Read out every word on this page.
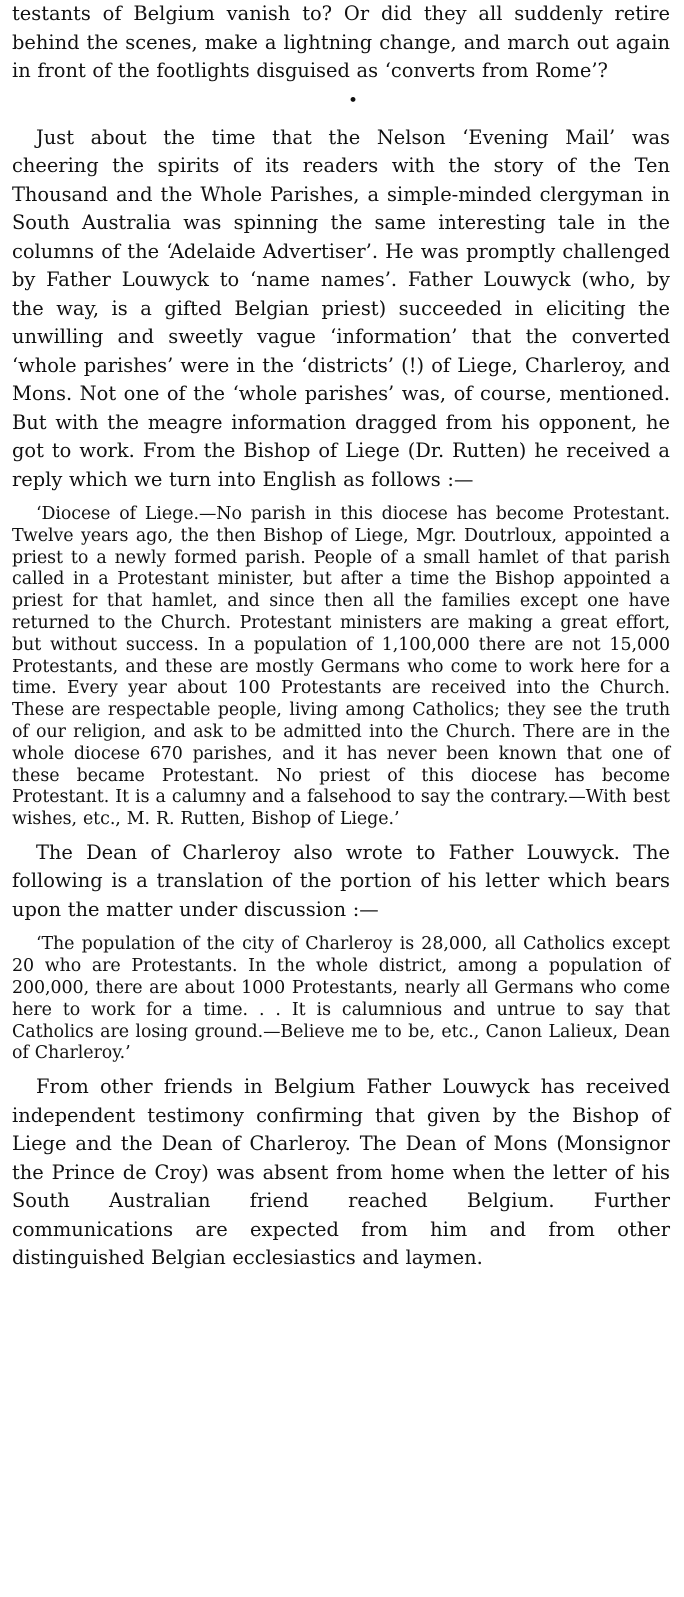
testants of Belgium vanish to? Or did they all suddenly retire behind the scenes, make a lightning change, and march out again in front of the footlights disguised as ‘converts from Rome’?

•

Just about the time that the Nelson ‘Evening Mail’ was cheering the spirits of its readers with the story of the Ten Thousand and the Whole Parishes, a simple-minded clergyman in South Australia was spinning the same interesting tale in the columns of the ‘Adelaide Advertiser’. He was promptly challenged by Father Louwyck to ‘name names’. Father Louwyck (who, by the way, is a gifted Belgian priest) succeeded in eliciting the unwilling and sweetly vague ‘information’ that the converted ‘whole parishes’ were in the ‘districts’ (!) of Liege, Charleroy, and Mons. Not one of the ‘whole parishes’ was, of course, mentioned. But with the meagre information dragged from his opponent, he got to work. From the Bishop of Liege (Dr. Rutten) he received a reply which we turn into English as follows :—

‘Diocese of Liege.—No parish in this diocese has become Protestant. Twelve years ago, the then Bishop of Liege, Mgr. Doutrloux, appointed a priest to a newly formed parish. People of a small hamlet of that parish called in a Protestant minister, but after a time the Bishop appointed a priest for that hamlet, and since then all the families except one have returned to the Church. Protestant ministers are making a great effort, but without success. In a population of 1,100,000 there are not 15,000 Protestants, and these are mostly Germans who come to work here for a time. Every year about 100 Protestants are received into the Church. These are respectable people, living among Catholics; they see the truth of our religion, and ask to be admitted into the Church. There are in the whole diocese 670 parishes, and it has never been known that one of these became Protestant. No priest of this diocese has become Protestant. It is a calumny and a falsehood to say the contrary.—With best wishes, etc., M. R. Rutten, Bishop of Liege.’

The Dean of Charleroy also wrote to Father Louwyck. The following is a translation of the portion of his letter which bears upon the matter under discussion :—

‘The population of the city of Charleroy is 28,000, all Catholics except 20 who are Protestants. In the whole district, among a population of 200,000, there are about 1000 Protestants, nearly all Germans who come here to work for a time. . . It is calumnious and untrue to say that Catholics are losing ground.—Believe me to be, etc., Canon Lalieux, Dean of Charleroy.’

From other friends in Belgium Father Louwyck has received independent testimony confirming that given by the Bishop of Liege and the Dean of Charleroy. The Dean of Mons (Monsignor the Prince de Croy) was absent from home when the letter of his South Australian friend reached Belgium. Further communications are expected from him and from other distinguished Belgian ecclesiastics and laymen.
